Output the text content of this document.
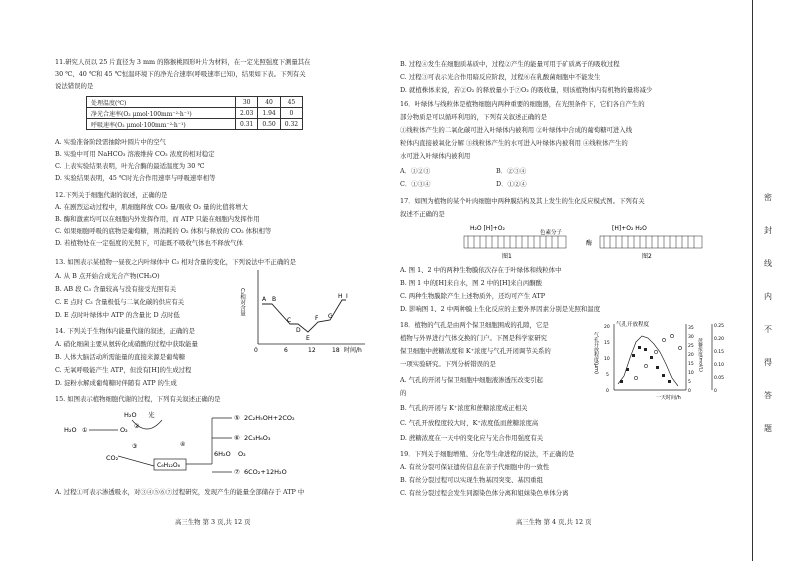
11.研究人员以 25 片直径为 3 mm 的猕猴桃圆形叶片为材料，在一定光照强度下测量其在
30 ℃、40 ℃和 45 ℃恒温环境下的净光合速率(呼吸速率已知)，结果如下表。下列有关
说法错误的是
处理温度(℃)	30	40	45
净光合速率(O₂ μmol·100mm⁻²·h⁻¹)	2.03	1.94	0
呼吸速率(O₂ μmol·100mm⁻²·h⁻¹)	0.31	0.50	0.32
A. 实验准备阶段需抽除叶圆片中的空气
B. 实验中可用 NaHCO₃ 溶液维持 CO₂ 浓度的相对稳定
C. 上表实验结果表明，叶光合酶的最适温度为 30 ℃
D. 实验结果表明，45 ℃时光合作用速率与呼吸速率相等
12.下列关于细胞代谢的叙述，正确的是
A. 在剧烈运动过程中，肌细胞释放 CO₂ 量/吸收 O₂ 量的比值将增大
B. 酶和激素均可以在细胞内外发挥作用，而 ATP 只能在细胞内发挥作用
C. 如果细胞呼吸的底物是葡萄糖，则消耗的 O₂ 体积与释放的 CO₂ 体积相等
D. 若植物处在一定强度的光照下，可能既不吸收气体也不释放气体
13. 如图表示某植物一昼夜之内叶绿体中 C₃ 相对含量的变化，下列说法中不正确的是
A. 从 B 点开始合成光合产物(CH₂O)
B. AB 段 C₃ 含量较高与没有接受光照有关
C. E 点时 C₃ 含量极低与二氧化碳的供应有关
D. E 点时叶绿体中 ATP 的含量比 D 点时低	C₃相对含量	A B
C
D
E
F G
H I
0	6	12	18 时间/h
14. 下列关于生物体内能量代谢的叙述，正确的是
A. 硝化细菌主要从氨转化成硝酸的过程中获取能量
B. 人体大脑活动所需能量的直接来源是葡萄糖
C. 无氧呼吸能产生 ATP，但没有[H]的生成过程
D. 淀粉水解成葡萄糖时伴随有 ATP 的生成
15. 如图表示植物细胞代谢的过程，下列有关叙述正确的是
H₂O 光
H₂O ①	O₂ ②
CO₂
③
C₆H₁₂O₆
④
⑤ 2C₂H₅OH+2CO₂
⑥ 2C₃H₆O₃
6H₂O O₂
⑦ 6CO₂+12H₂O
A. 过程①可表示渗透吸水，对③④⑤⑥⑦过程研究，发现产生的能量全部储存于 ATP 中
高三生物 第 3 页,共 12 页
B. 过程④发生在细胞质基质中，过程②产生的能量可用于矿质离子的吸收过程
C. 过程③可表示光合作用暗反应阶段，过程⑥在乳酸菌细胞中不能发生
D. 就植株体来说，若②O₂ 的释放量小于⑦O₂ 的吸收量，则该植物体内有机物的量将减少
16．叶绿体与线粒体是植物细胞内两种重要的细胞器，在光照条件下，它们各自产生的
部分物质是可以循环利用的，下列有关叙述正确的是
①线粒体产生的二氧化碳可进入叶绿体内被利用 ②叶绿体中合成的葡萄糖可进入线
粒体内直接被氧化分解 ③线粒体产生的水可进入叶绿体内被利用 ④线粒体产生的
水可进入叶绿体内被利用
A．①②③	B．②③④
C．①③④	D．①②④
17．如图为植物的某个叶肉细胞中两种膜结构及其上发生的生化反应模式图。下列有关
叙述不正确的是
H₂O [H]+O₂
色素分子
图1
[H]+O₂ H₂O
酶
图2
A. 图 1、2 中的两种生物膜依次存在于叶绿体和线粒体中
B. 图 1 中的[H]来自水，图 2 中的[H]来自丙酮酸
C. 两种生物膜除产生上述物质外，还均可产生 ATP
D. 影响图 1、2 中两种膜上生化反应的主要外界因素分别是光照和温度
18．植物的气孔是由两个保卫细胞围成的孔隙，它是
植物与外界进行气体交换的门户。下图是科学家研究
保卫细胞中蔗糖浓度和 K⁺浓度与气孔开闭调节关系的
一项实验研究。下列分析错误的是
A. 气孔的开闭与保卫细胞中细胞液渗透压改变引起
的
B. 气孔的开闭与 K⁺浓度和蔗糖浓度成正相关
C. 气孔开放程度较大时，K⁺浓度低而蔗糖浓度高
D. 蔗糖浓度在一天中的变化应与光合作用强度有关
气孔开放程度(μm)
气孔开放程度
0
5
10
15
20
0
5
10
15
20
25
30
35
0
0.05
0.10
0.15
0.20
0.25
蔗糖浓度(mol/L)
一天时间/h
19．下列关于细胞增殖、分化等生命进程的说法，不正确的是
A. 有丝分裂可保证遗传信息在亲子代细胞中的一致性
B. 有丝分裂过程可以实现生物基因突变、基因重组
C. 有丝分裂过程会发生同源染色体分离和姐妹染色单体分离
高三生物 第 4 页,共 12 页
密
封
线
内
不
得
答
题
